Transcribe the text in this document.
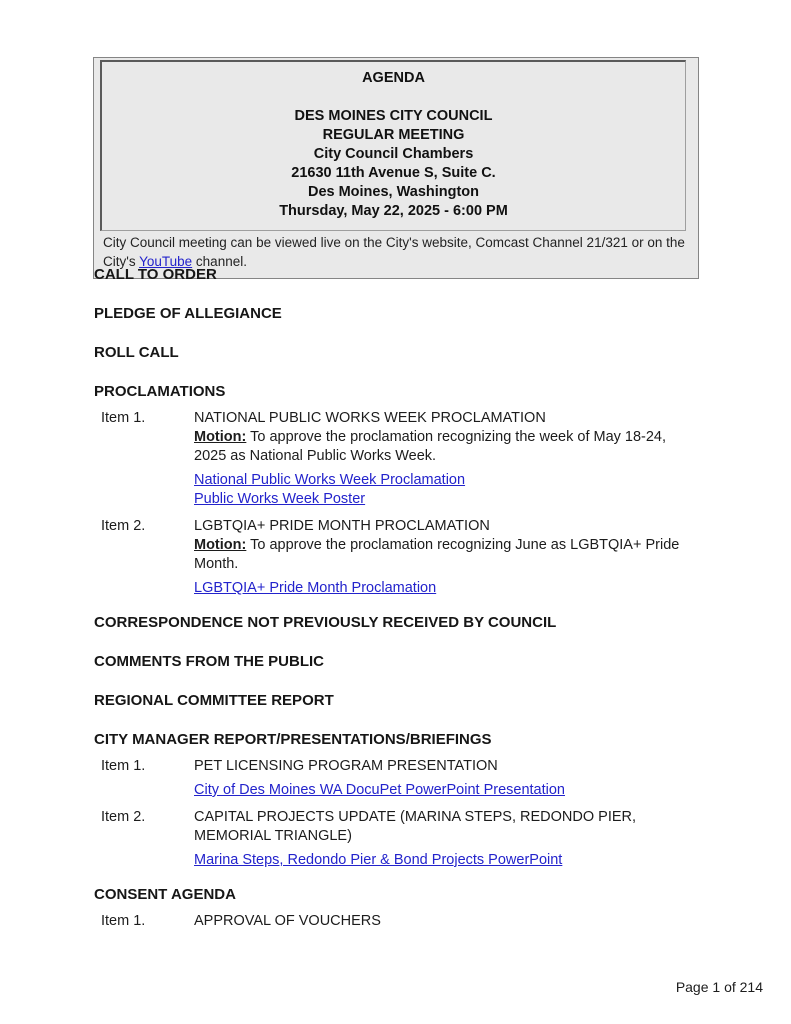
AGENDA
DES MOINES CITY COUNCIL
REGULAR MEETING
City Council Chambers
21630 11th Avenue S, Suite C.
Des Moines, Washington
Thursday, May 22, 2025 - 6:00 PM
City Council meeting can be viewed live on the City's website, Comcast Channel 21/321 or on the City's YouTube channel.
CALL TO ORDER
PLEDGE OF ALLEGIANCE
ROLL CALL
PROCLAMATIONS
Item 1.	NATIONAL PUBLIC WORKS WEEK PROCLAMATION
Motion: To approve the proclamation recognizing the week of May 18-24, 2025 as National Public Works Week.
National Public Works Week Proclamation
Public Works Week Poster
Item 2.	LGBTQIA+ PRIDE MONTH PROCLAMATION
Motion: To approve the proclamation recognizing June as LGBTQIA+ Pride Month.
LGBTQIA+ Pride Month Proclamation
CORRESPONDENCE NOT PREVIOUSLY RECEIVED BY COUNCIL
COMMENTS FROM THE PUBLIC
REGIONAL COMMITTEE REPORT
CITY MANAGER REPORT/PRESENTATIONS/BRIEFINGS
Item 1.	PET LICENSING PROGRAM PRESENTATION
City of Des Moines WA DocuPet PowerPoint Presentation
Item 2.	CAPITAL PROJECTS UPDATE (MARINA STEPS, REDONDO PIER, MEMORIAL TRIANGLE)
Marina Steps, Redondo Pier & Bond Projects PowerPoint
CONSENT AGENDA
Item 1.	APPROVAL OF VOUCHERS
Page 1 of 214
